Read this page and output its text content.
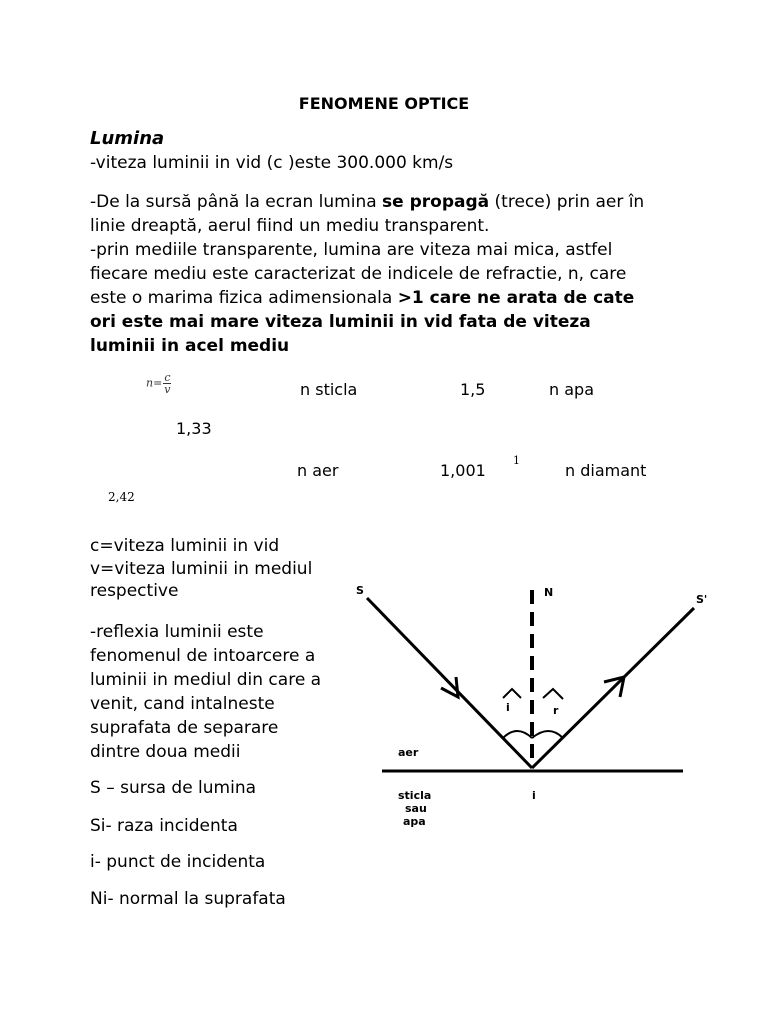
FENOMENE OPTICE
Lumina
-viteza luminii in vid (c )este 300.000 km/s
-De la sursă până la ecran lumina se propagă (trece) prin aer în
linie dreaptă, aerul fiind un mediu transparent.
-prin mediile transparente, lumina are viteza mai mica, astfel
fiecare mediu este caracterizat de indicele de refractie, n, care
este o marima fizica adimensionala >1 care ne arata de cate
ori este mai mare viteza luminii in vid fata de viteza
luminii in acel mediu
$n= \frac{c}{v}$	n sticla	1,5	n apa
1,33
n aer	1,001
1
n diamant
2,42
c=viteza luminii in vid
v=viteza luminii in mediul
respective
-reflexia luminii este
fenomenul de intoarcere a
luminii in mediul din care a
venit, cand intalneste
suprafata de separare
dintre doua medii
S – sursa de lumina
Si- raza incidenta
i- punct de incidenta
Ni- normal la suprafata
S	N
S'
i	r
aer
sticla
sau
apa
i
